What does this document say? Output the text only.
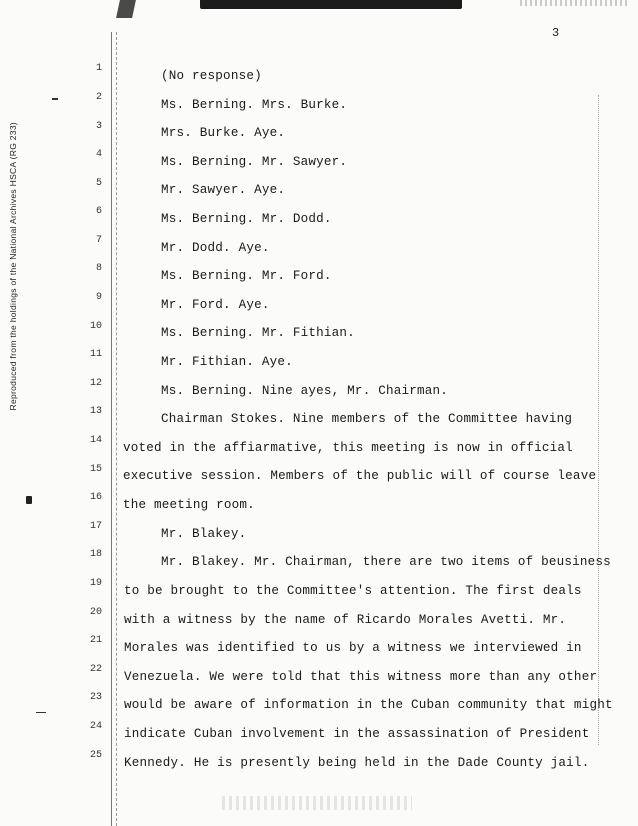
3
Reproduced from the holdings of the National Archives HSCA (RG 233)
1
2
3
4
5
6
7
8
9
10
11
12
13
14
15
16
17
18
19
20
21
22
23
24
25
(No response)
Ms. Berning. Mrs. Burke.
Mrs. Burke. Aye.
Ms. Berning. Mr. Sawyer.
Mr. Sawyer. Aye.
Ms. Berning. Mr. Dodd.
Mr. Dodd. Aye.
Ms. Berning. Mr. Ford.
Mr. Ford. Aye.
Ms. Berning. Mr. Fithian.
Mr. Fithian. Aye.
Ms. Berning. Nine ayes, Mr. Chairman.
Chairman Stokes. Nine members of the Committee having
voted in the affiarmative, this meeting is now in official
executive session. Members of the public will of course leave
the meeting room.
Mr. Blakey.
Mr. Blakey. Mr. Chairman, there are two items of beusiness
to be brought to the Committee's attention. The first deals
with a witness by the name of Ricardo Morales Avetti. Mr.
Morales was identified to us by a witness we interviewed in
Venezuela. We were told that this witness more than any other
would be aware of information in the Cuban community that might
indicate Cuban involvement in the assassination of President
Kennedy. He is presently being held in the Dade County jail.
